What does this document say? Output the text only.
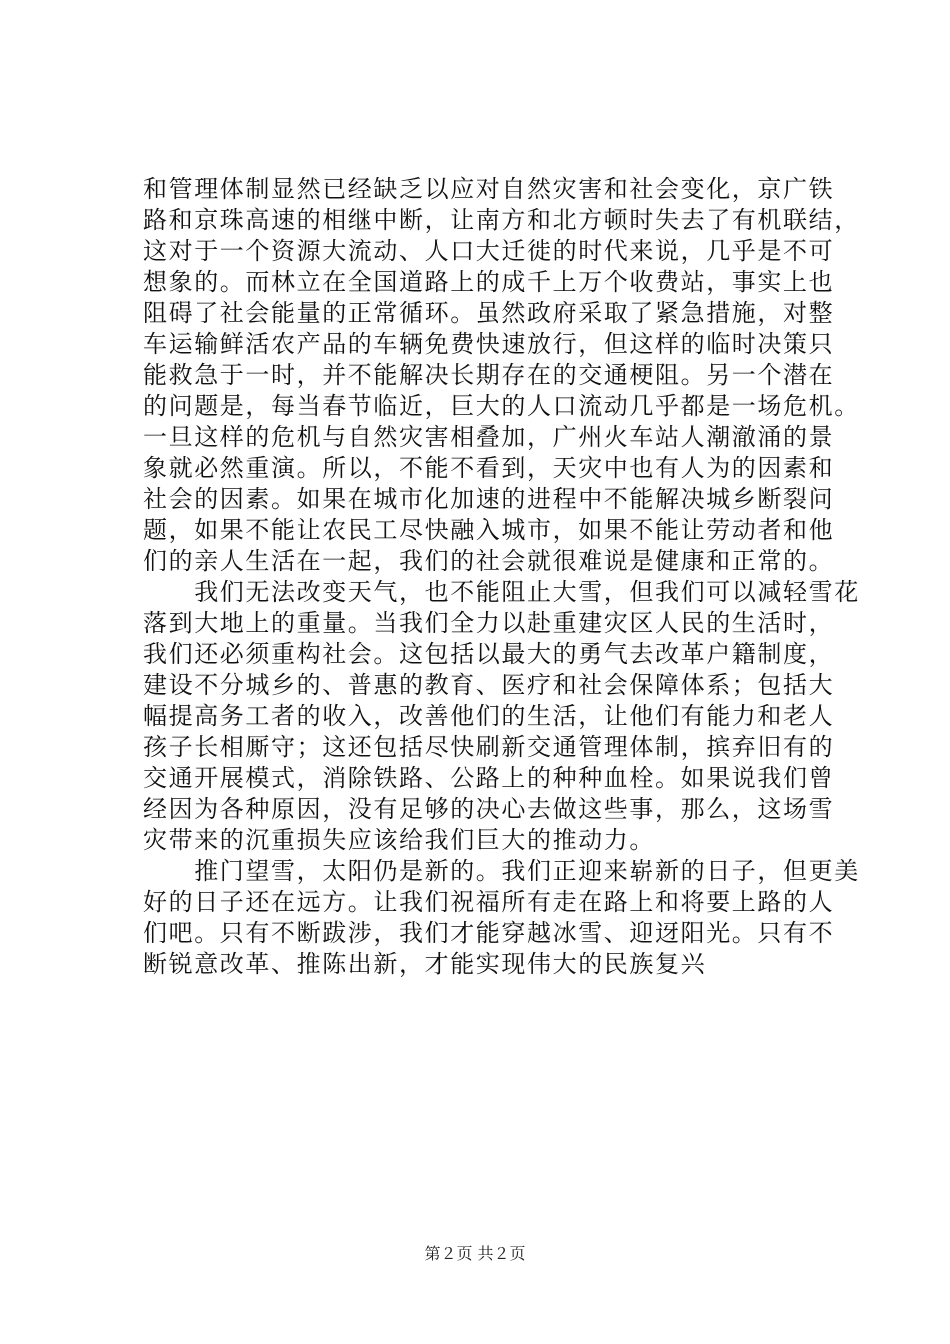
和管理体制显然已经缺乏以应对自然灾害和社会变化，京广铁
路和京珠高速的相继中断，让南方和北方顿时失去了有机联结，
这对于一个资源大流动、人口大迁徙的时代来说，几乎是不可
想象的。而林立在全国道路上的成千上万个收费站，事实上也
阻碍了社会能量的正常循环。虽然政府采取了紧急措施，对整
车运输鲜活农产品的车辆免费快速放行，但这样的临时决策只
能救急于一时，并不能解决长期存在的交通梗阻。另一个潜在
的问题是，每当春节临近，巨大的人口流动几乎都是一场危机。
一旦这样的危机与自然灾害相叠加，广州火车站人潮澈涌的景
象就必然重演。所以，不能不看到，天灾中也有人为的因素和
社会的因素。如果在城市化加速的进程中不能解决城乡断裂问
题，如果不能让农民工尽快融入城市，如果不能让劳动者和他
们的亲人生活在一起，我们的社会就很难说是健康和正常的。
　　我们无法改变天气，也不能阻止大雪，但我们可以减轻雪花
落到大地上的重量。当我们全力以赴重建灾区人民的生活时，
我们还必须重构社会。这包括以最大的勇气去改革户籍制度，
建设不分城乡的、普惠的教育、医疗和社会保障体系；包括大
幅提高务工者的收入，改善他们的生活，让他们有能力和老人
孩子长相厮守；这还包括尽快刷新交通管理体制，摈弃旧有的
交通开展模式，消除铁路、公路上的种种血栓。如果说我们曾
经因为各种原因，没有足够的决心去做这些事，那么，这场雪
灾带来的沉重损失应该给我们巨大的推动力。
　　推门望雪，太阳仍是新的。我们正迎来崭新的日子，但更美
好的日子还在远方。让我们祝福所有走在路上和将要上路的人
们吧。只有不断跋涉，我们才能穿越冰雪、迎迓阳光。只有不
断锐意改革、推陈出新，才能实现伟大的民族复兴
第２页 共２页
